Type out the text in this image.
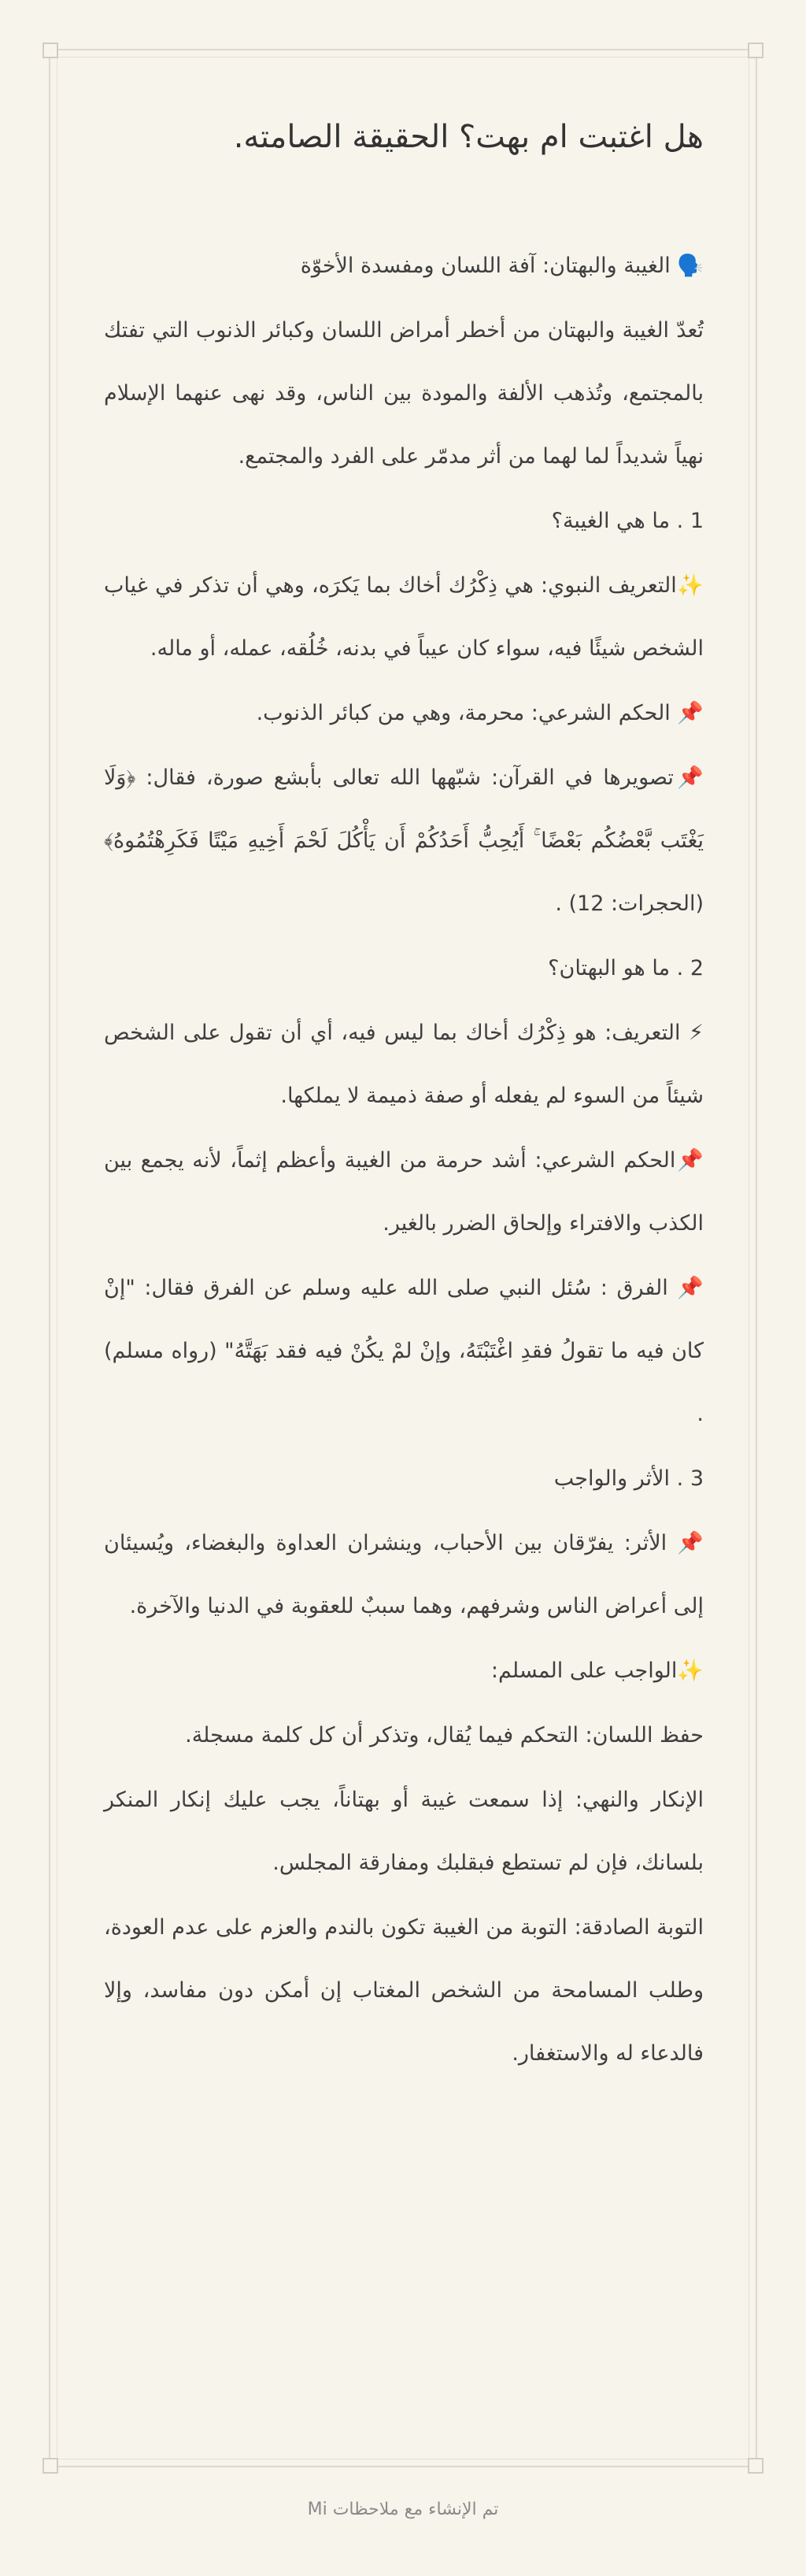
هل اغتبت ام بهت؟ الحقيقة الصامته.

🗣️ الغيبة والبهتان: آفة اللسان ومفسدة الأخوّة

تُعدّ الغيبة والبهتان من أخطر أمراض اللسان وكبائر الذنوب التي تفتك بالمجتمع، وتُذهب الألفة والمودة بين الناس، وقد نهى عنهما الإسلام نهياً شديداً لما لهما من أثر مدمّر على الفرد والمجتمع.

1 . ما هي الغيبة؟

✨التعريف النبوي: هي ذِكْرُك أخاك بما يَكرَه، وهي أن تذكر في غياب الشخص شيئًا فيه، سواء كان عيباً في بدنه، خُلُقه، عمله، أو ماله.

📌 الحكم الشرعي: محرمة، وهي من كبائر الذنوب.

📌تصويرها في القرآن: شبّهها الله تعالى بأبشع صورة، فقال: ﴿وَلَا يَغْتَب بَّعْضُكُم بَعْضًا ۚ أَيُحِبُّ أَحَدُكُمْ أَن يَأْكُلَ لَحْمَ أَخِيهِ مَيْتًا فَكَرِهْتُمُوهُ﴾ (الحجرات: 12) .

2 . ما هو البهتان؟

⚡ التعريف: هو ذِكْرُك أخاك بما ليس فيه، أي أن تقول على الشخص شيئاً من السوء لم يفعله أو صفة ذميمة لا يملكها.

📌الحكم الشرعي: أشد حرمة من الغيبة وأعظم إثماً، لأنه يجمع بين الكذب والافتراء وإلحاق الضرر بالغير.

📌 الفرق : سُئل النبي صلى الله عليه وسلم عن الفرق فقال: "إنْ كان فيه ما تقولُ فقدِ اغْتَبْتَهُ، وإنْ لمْ يكُنْ فيه فقد بَهَتَّهُ" (رواه مسلم) .

3 . الأثر والواجب

📌 الأثر: يفرّقان بين الأحباب، وينشران العداوة والبغضاء، ويُسيئان إلى أعراض الناس وشرفهم، وهما سببٌ للعقوبة في الدنيا والآخرة.

✨الواجب على المسلم:

حفظ اللسان: التحكم فيما يُقال، وتذكر أن كل كلمة مسجلة.

الإنكار والنهي: إذا سمعت غيبة أو بهتاناً، يجب عليك إنكار المنكر بلسانك، فإن لم تستطع فبقلبك ومفارقة المجلس.

التوبة الصادقة: التوبة من الغيبة تكون بالندم والعزم على عدم العودة، وطلب المسامحة من الشخص المغتاب إن أمكن دون مفاسد، وإلا فالدعاء له والاستغفار.

تم الإنشاء مع ملاحظات Mi
